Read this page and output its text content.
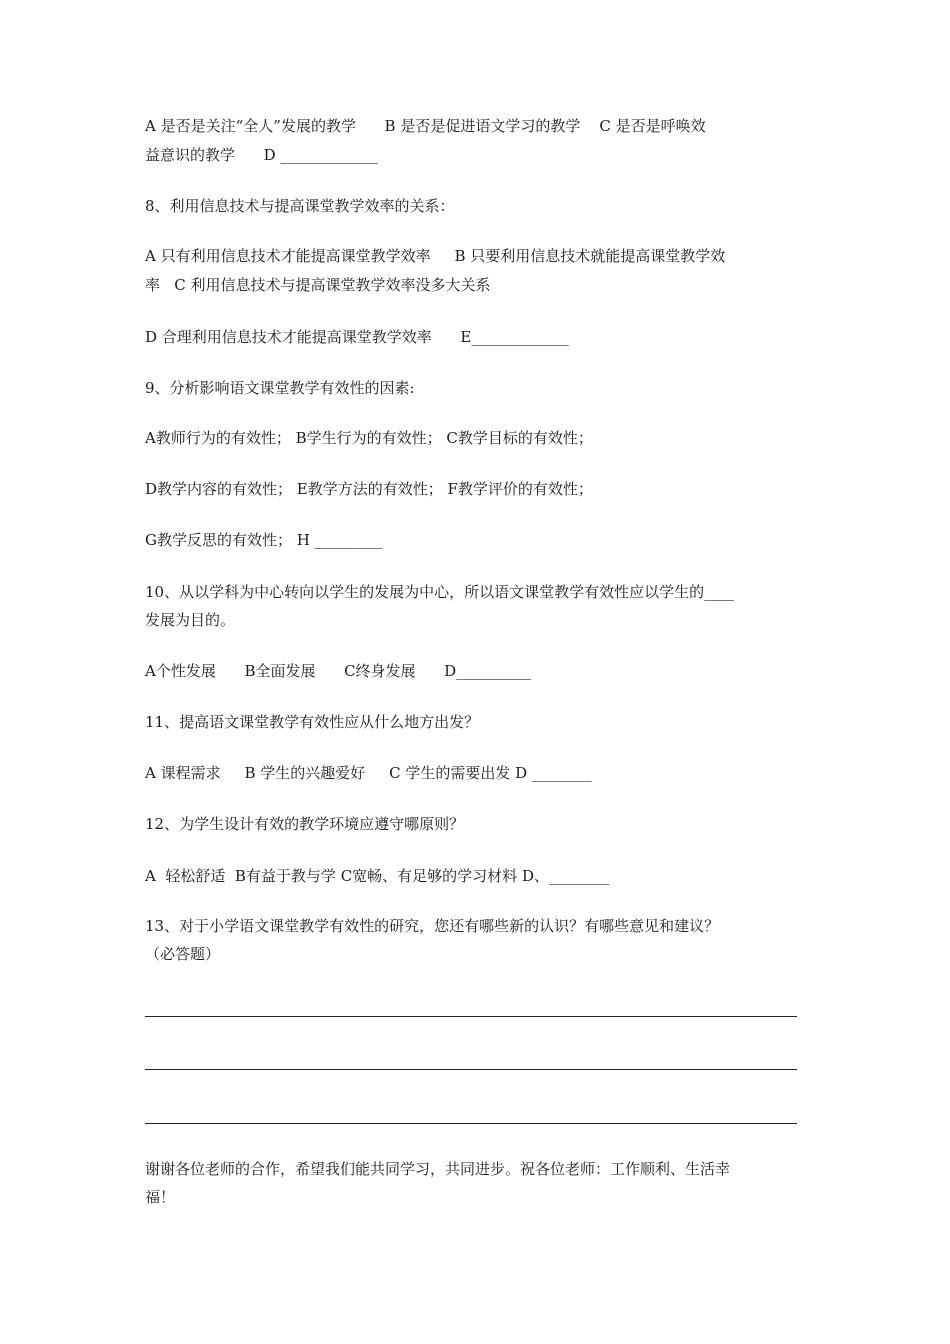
A 是否是关注“全人”发展的教学      B 是否是促进语文学习的教学    C 是否是呼唤效
益意识的教学      D _____________
8、利用信息技术与提高课堂教学效率的关系：
A 只有利用信息技术才能提高课堂教学效率     B 只要利用信息技术就能提高课堂教学效
率   C 利用信息技术与提高课堂教学效率没多大关系
D 合理利用信息技术才能提高课堂教学效率      E_____________
9、分析影响语文课堂教学有效性的因素:
A教师行为的有效性； B学生行为的有效性； C教学目标的有效性；
D教学内容的有效性； E教学方法的有效性； F教学评价的有效性；
G教学反思的有效性； H _________
10、从以学科为中心转向以学生的发展为中心，所以语文课堂教学有效性应以学生的____
发展为目的。
A个性发展      B全面发展      C终身发展      D__________
11、提高语文课堂教学有效性应从什么地方出发？
A 课程需求     B 学生的兴趣爱好     C 学生的需要出发 D ________
12、为学生设计有效的教学环境应遵守哪原则？
A  轻松舒适  B有益于教与学 C宽畅、有足够的学习材料 D、________
13、对于小学语文课堂教学有效性的研究，您还有哪些新的认识？有哪些意见和建议？
（必答题）
谢谢各位老师的合作，希望我们能共同学习，共同进步。祝各位老师：工作顺利、生活幸
福！
